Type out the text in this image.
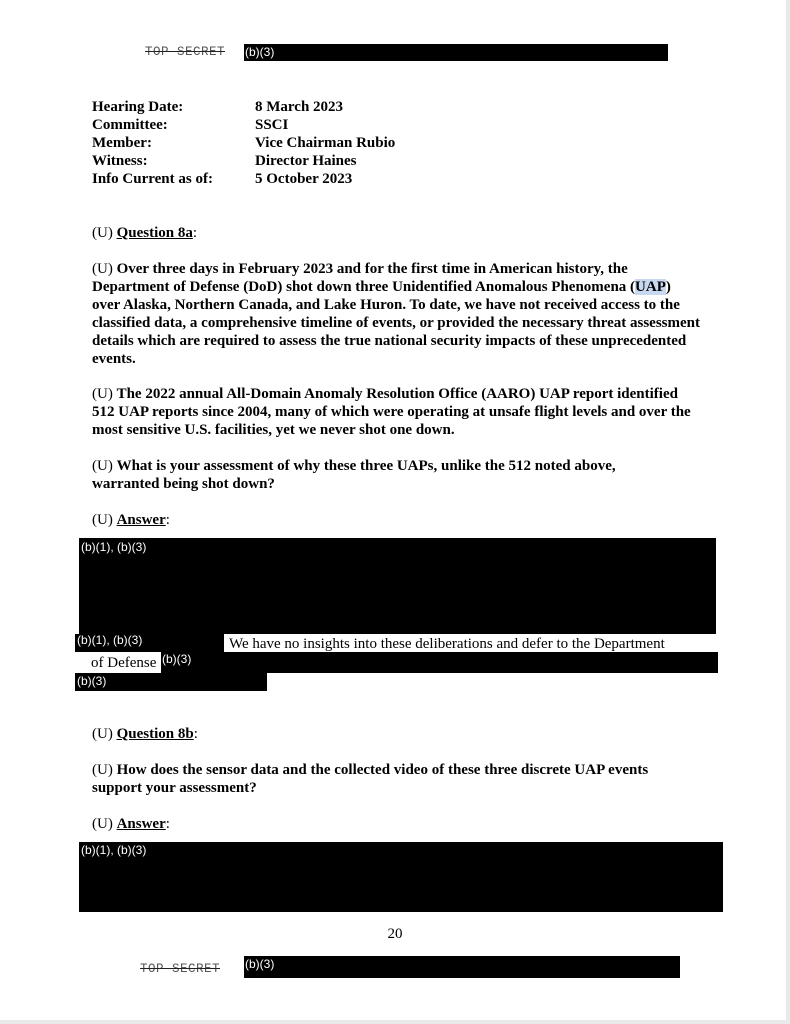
TOP SECRET (b)(3)
Hearing Date:	8 March 2023
Committee:	SSCI
Member:	Vice Chairman Rubio
Witness:	Director Haines
Info Current as of:	5 October 2023
(U) Question 8a:
(U) Over three days in February 2023 and for the first time in American history, the Department of Defense (DoD) shot down three Unidentified Anomalous Phenomena (UAP) over Alaska, Northern Canada, and Lake Huron. To date, we have not received access to the classified data, a comprehensive timeline of events, or provided the necessary threat assessment details which are required to assess the true national security impacts of these unprecedented events.
(U) The 2022 annual All-Domain Anomaly Resolution Office (AARO) UAP report identified 512 UAP reports since 2004, many of which were operating at unsafe flight levels and over the most sensitive U.S. facilities, yet we never shot one down.
(U) What is your assessment of why these three UAPs, unlike the 512 noted above, warranted being shot down?
(U) Answer:
(b)(1), (b)(3)
(b)(1), (b)(3)	We have no insights into these deliberations and defer to the Department
of Defense (b)(3)
(b)(3)
(U) Question 8b:
(U) How does the sensor data and the collected video of these three discrete UAP events support your assessment?
(U) Answer:
(b)(1), (b)(3)
20
TOP SECRET (b)(3)
